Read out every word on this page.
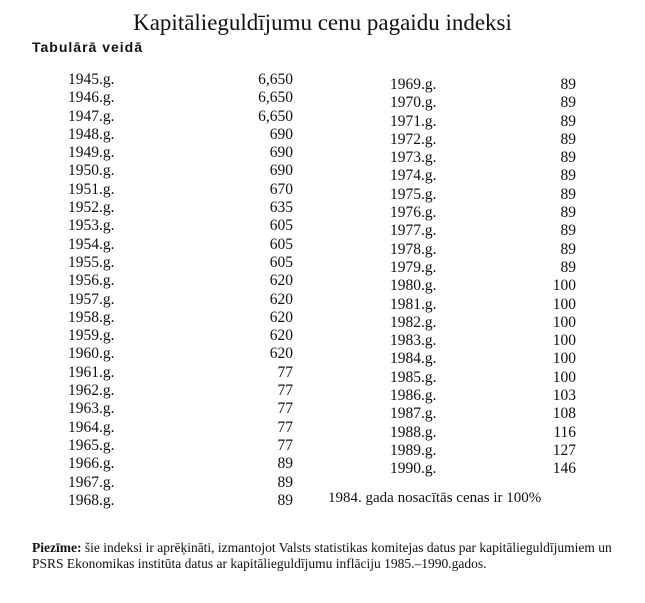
Kapitālieguldījumu cenu pagaidu indeksi
Tabulārā veidā
1945.g.	6,650
1946.g.	6,650
1947.g.	6,650
1948.g.	690
1949.g.	690
1950.g.	690
1951.g.	670
1952.g.	635
1953.g.	605
1954.g.	605
1955.g.	605
1956.g.	620
1957.g.	620
1958.g.	620
1959.g.	620
1960.g.	620
1961.g.	77
1962.g.	77
1963.g.	77
1964.g.	77
1965.g.	77
1966.g.	89
1967.g.	89
1968.g.	89
1969.g.	89
1970.g.	89
1971.g.	89
1972.g.	89
1973.g.	89
1974.g.	89
1975.g.	89
1976.g.	89
1977.g.	89
1978.g.	89
1979.g.	89
1980.g.	100
1981.g.	100
1982.g.	100
1983.g.	100
1984.g.	100
1985.g.	100
1986.g.	103
1987.g.	108
1988.g.	116
1989.g.	127
1990.g.	146
1984. gada nosacītās cenas ir 100%
Piezīme: šie indeksi ir aprēķināti, izmantojot Valsts statistikas komitejas datus par kapitālieguldījumiem un PSRS Ekonomikas institūta datus ar kapitālieguldījumu inflāciju 1985.–1990.gados.
